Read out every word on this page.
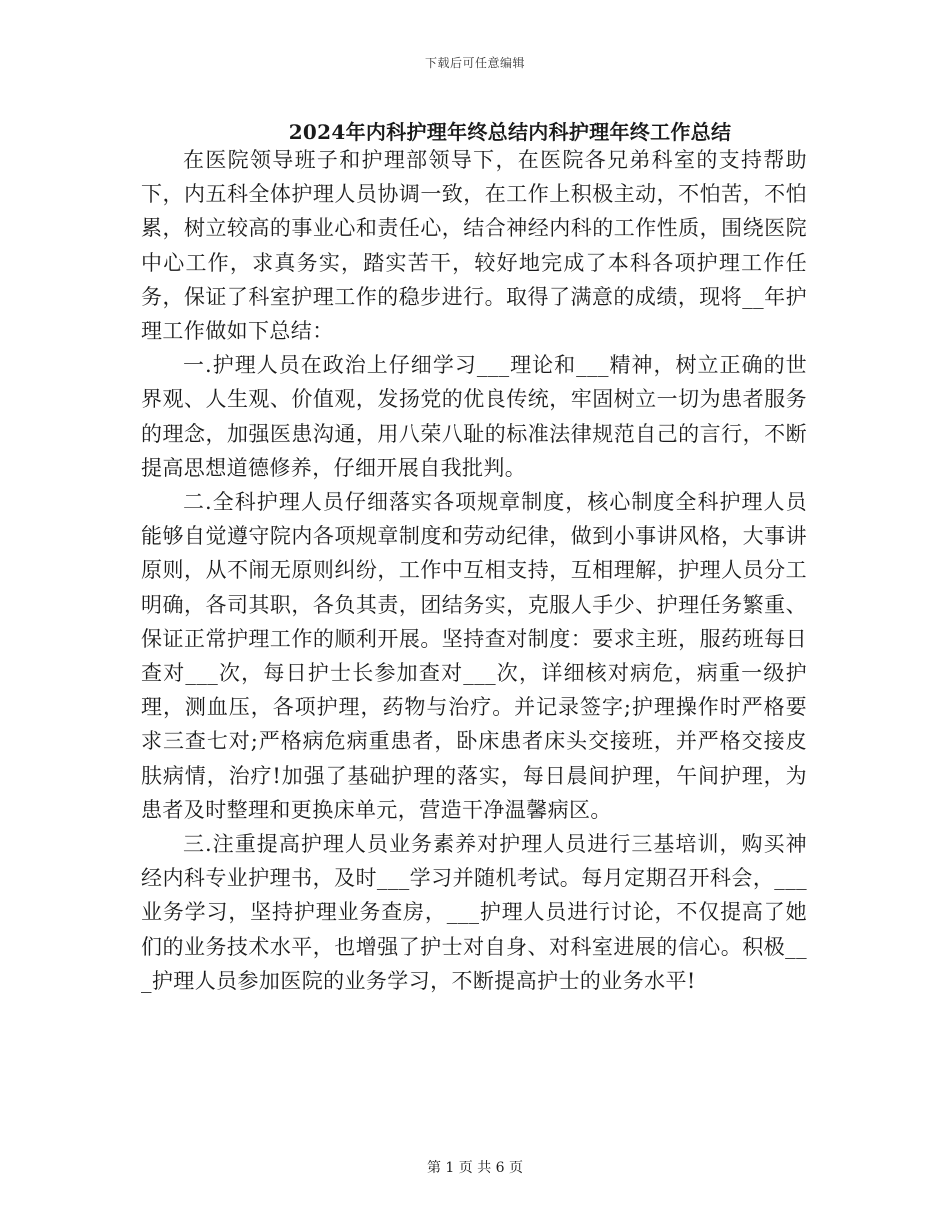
下载后可任意编辑
2024年内科护理年终总结内科护理年终工作总结

在医院领导班子和护理部领导下，在医院各兄弟科室的支持帮助下，内五科全体护理人员协调一致，在工作上积极主动，不怕苦，不怕累，树立较高的事业心和责任心，结合神经内科的工作性质，围绕医院中心工作，求真务实，踏实苦干，较好地完成了本科各项护理工作任务，保证了科室护理工作的稳步进行。取得了满意的成绩，现将__年护理工作做如下总结：

一.护理人员在政治上仔细学习___理论和___精神，树立正确的世界观、人生观、价值观，发扬党的优良传统，牢固树立一切为患者服务的理念，加强医患沟通，用八荣八耻的标准法律规范自己的言行，不断提高思想道德修养，仔细开展自我批判。

二.全科护理人员仔细落实各项规章制度，核心制度全科护理人员能够自觉遵守院内各项规章制度和劳动纪律，做到小事讲风格，大事讲原则，从不闹无原则纠纷，工作中互相支持，互相理解，护理人员分工明确，各司其职，各负其责，团结务实，克服人手少、护理任务繁重、保证正常护理工作的顺利开展。坚持查对制度：要求主班，服药班每日查对___次，每日护士长参加查对___次，详细核对病危，病重一级护理，测血压，各项护理，药物与治疗。并记录签字;护理操作时严格要求三查七对;严格病危病重患者，卧床患者床头交接班，并严格交接皮肤病情，治疗!加强了基础护理的落实，每日晨间护理，午间护理，为患者及时整理和更换床单元，营造干净温馨病区。

三.注重提高护理人员业务素养对护理人员进行三基培训，购买神经内科专业护理书，及时___学习并随机考试。每月定期召开科会，___业务学习，坚持护理业务查房，___护理人员进行讨论，不仅提高了她们的业务技术水平，也增强了护士对自身、对科室进展的信心。积极___护理人员参加医院的业务学习，不断提高护士的业务水平!

第 1 页 共 6 页
